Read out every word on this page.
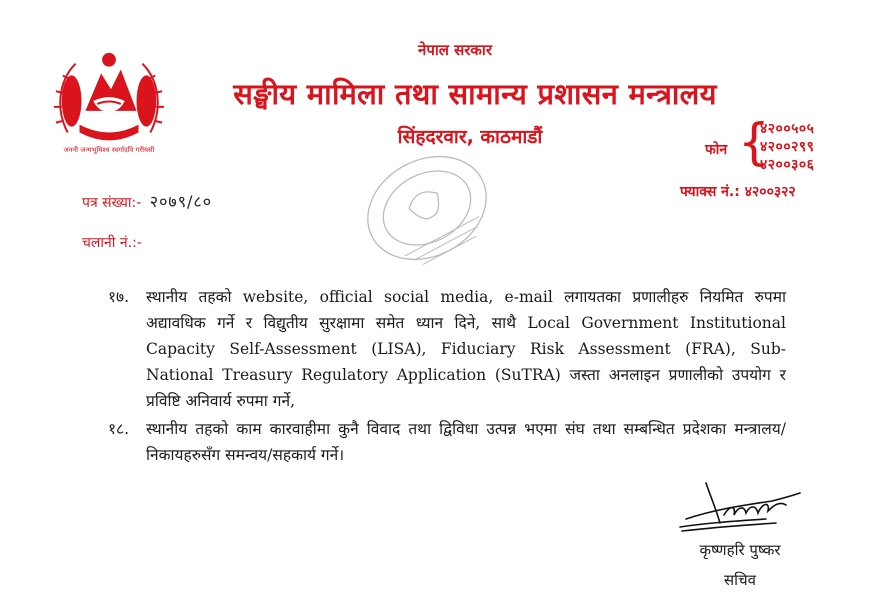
जननी जन्मभूमिश्च स्वर्गादपि गरीयसी
नेपाल सरकार
सङ्घीय मामिला तथा सामान्य प्रशासन मन्त्रालय
सिंहदरवार, काठमाडौं
फोन {
४२००५०५
४२००२९९
४२००३०६
फ्याक्स नं.: ४२००३२२
पत्र संख्या:- २०७९/८०
चलानी नं.:-

१७. स्थानीय तहको website, official social media, e-mail लगायतका प्रणालीहरु नियमित रुपमा अद्यावधिक गर्ने र विद्युतीय सुरक्षामा समेत ध्यान दिने, साथै Local Government Institutional Capacity Self-Assessment (LISA), Fiduciary Risk Assessment (FRA), Sub-National Treasury Regulatory Application (SuTRA) जस्ता अनलाइन प्रणालीको उपयोग र प्रविष्टि अनिवार्य रुपमा गर्ने,

१८. स्थानीय तहको काम कारवाहीमा कुनै विवाद तथा द्विविधा उत्पन्न भएमा संघ तथा सम्बन्धित प्रदेशका मन्त्रालय/निकायहरुसँग समन्वय/सहकार्य गर्ने।

कृष्णहरि पुष्कर
सचिव
